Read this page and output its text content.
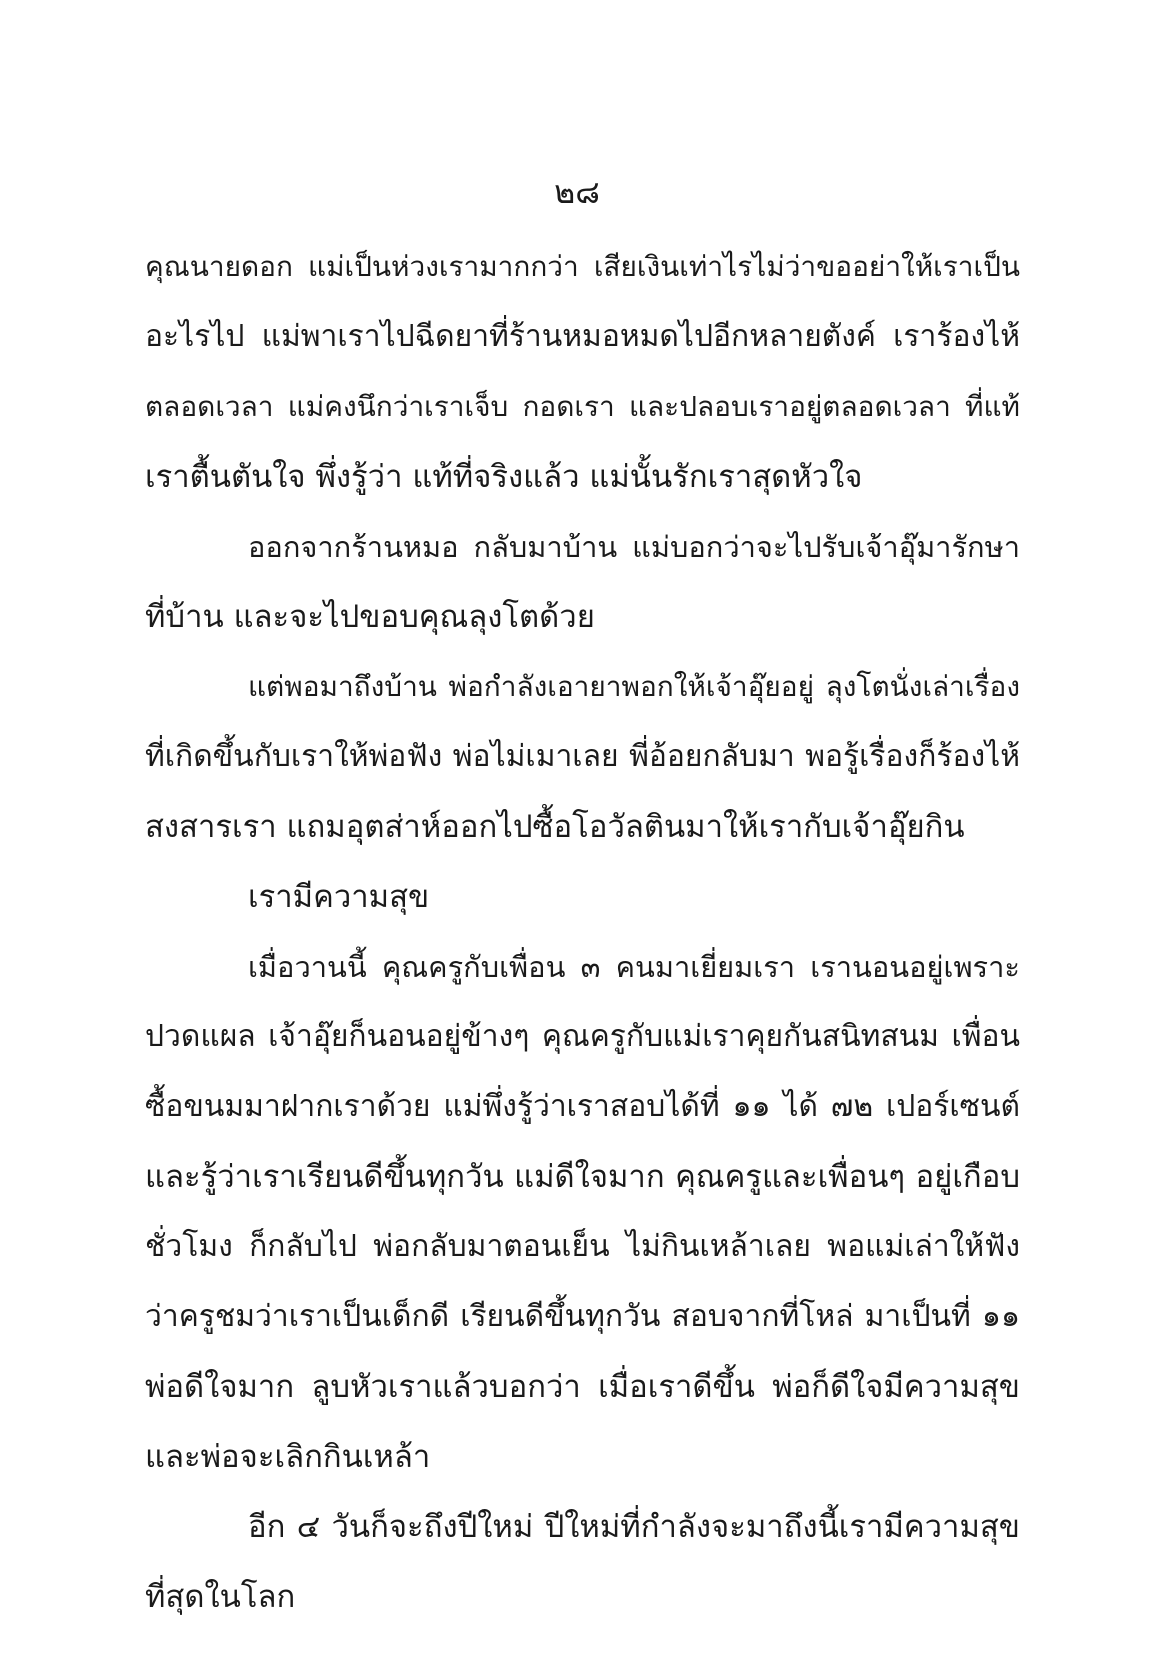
๒๘
คุณนายดอก แม่เป็นห่วงเรามากกว่า เสียเงินเท่าไรไม่ว่าขออย่าให้เราเป็น
อะไรไป แม่พาเราไปฉีดยาที่ร้านหมอหมดไปอีกหลายตังค์ เราร้องไห้
ตลอดเวลา แม่คงนึกว่าเราเจ็บ กอดเรา และปลอบเราอยู่ตลอดเวลา ที่แท้
เราตื้นตันใจ พึ่งรู้ว่า แท้ที่จริงแล้ว แม่นั้นรักเราสุดหัวใจ
ออกจากร้านหมอ กลับมาบ้าน แม่บอกว่าจะไปรับเจ้าอุ๊มารักษา
ที่บ้าน และจะไปขอบคุณลุงโตด้วย
แต่พอมาถึงบ้าน พ่อกำลังเอายาพอกให้เจ้าอุ๊ยอยู่ ลุงโตนั่งเล่าเรื่อง
ที่เกิดขึ้นกับเราให้พ่อฟัง พ่อไม่เมาเลย พี่อ้อยกลับมา พอรู้เรื่องก็ร้องไห้
สงสารเรา แถมอุตส่าห์ออกไปซื้อโอวัลตินมาให้เรากับเจ้าอุ๊ยกิน
เรามีความสุข
เมื่อวานนี้ คุณครูกับเพื่อน ๓ คนมาเยี่ยมเรา เรานอนอยู่เพราะ
ปวดแผล เจ้าอุ๊ยก็นอนอยู่ข้างๆ คุณครูกับแม่เราคุยกันสนิทสนม เพื่อน
ซื้อขนมมาฝากเราด้วย แม่พึ่งรู้ว่าเราสอบได้ที่ ๑๑ ได้ ๗๒ เปอร์เซนต์
และรู้ว่าเราเรียนดีขึ้นทุกวัน แม่ดีใจมาก คุณครูและเพื่อนๆ อยู่เกือบ
ชั่วโมง ก็กลับไป พ่อกลับมาตอนเย็น ไม่กินเหล้าเลย พอแม่เล่าให้ฟัง
ว่าครูชมว่าเราเป็นเด็กดี เรียนดีขึ้นทุกวัน สอบจากที่โหล่ มาเป็นที่ ๑๑
พ่อดีใจมาก ลูบหัวเราแล้วบอกว่า เมื่อเราดีขึ้น พ่อก็ดีใจมีความสุข
และพ่อจะเลิกกินเหล้า
อีก ๔ วันก็จะถึงปีใหม่ ปีใหม่ที่กำลังจะมาถึงนี้เรามีความสุข
ที่สุดในโลก
